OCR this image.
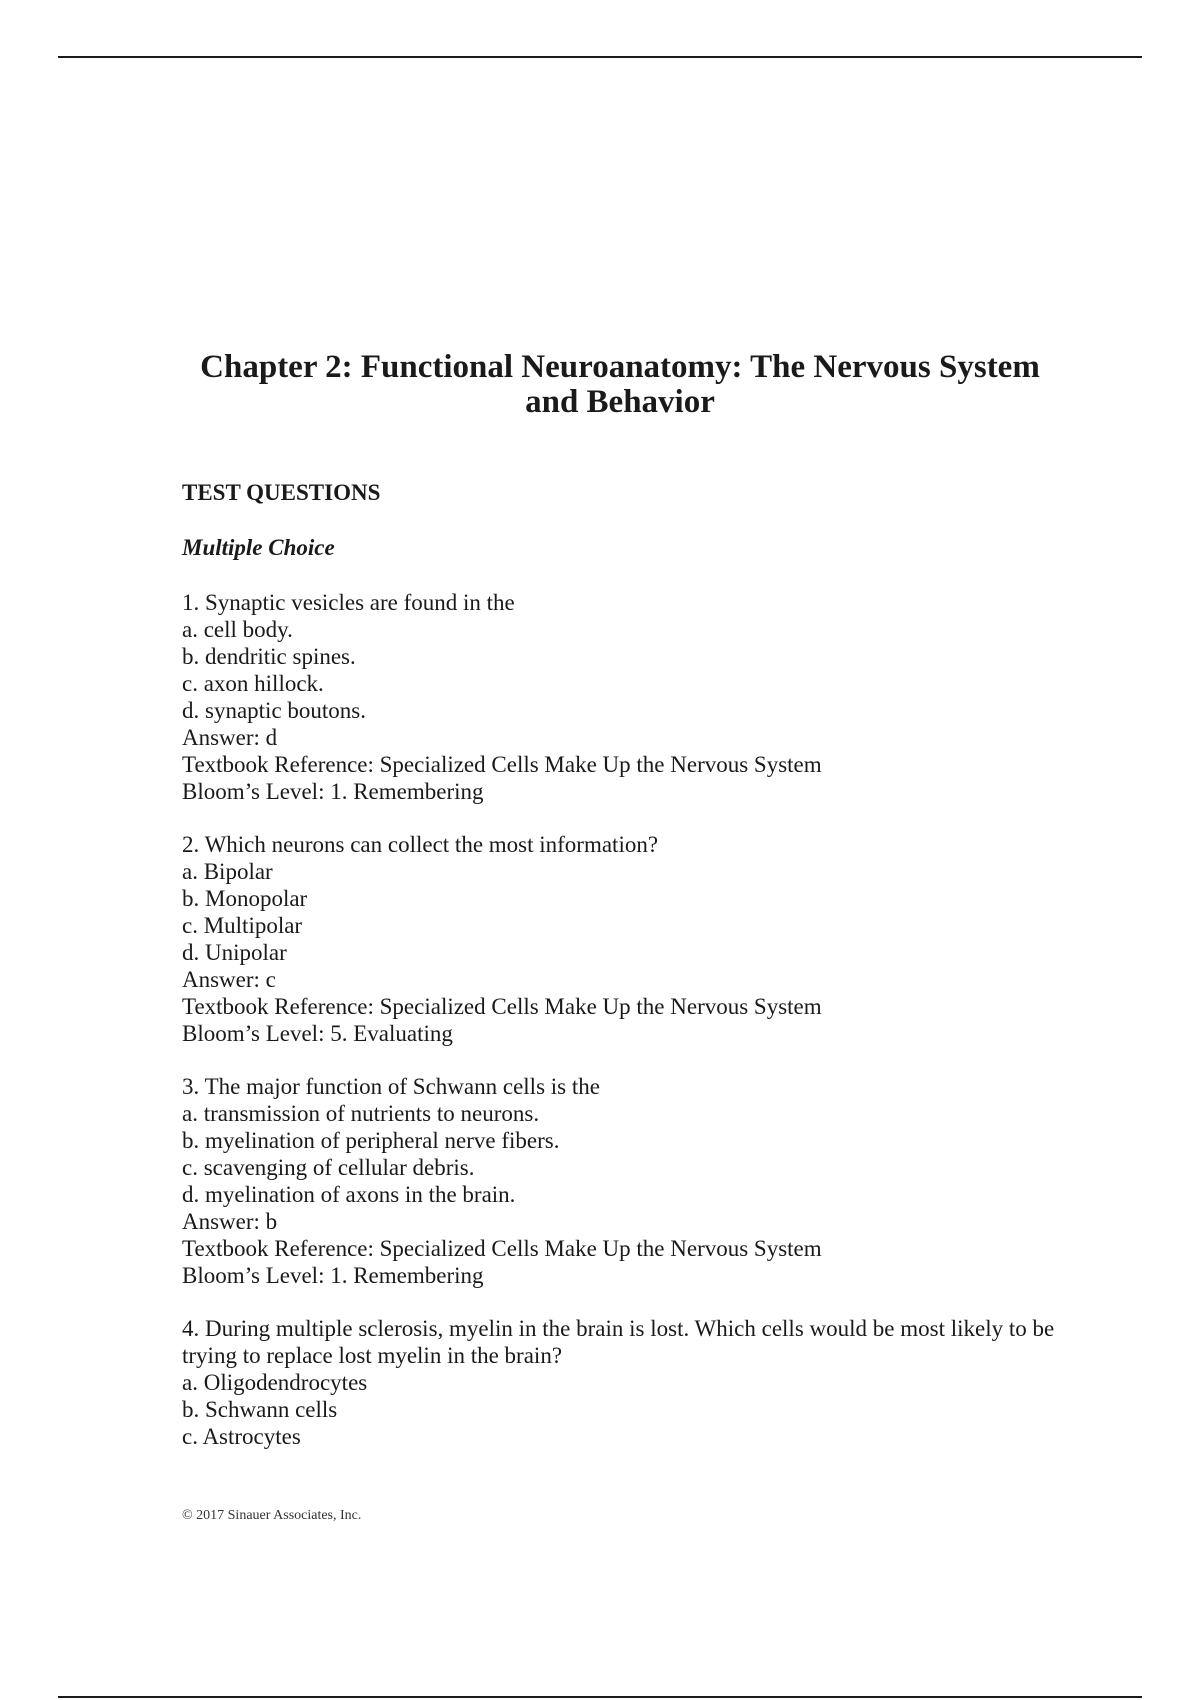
Chapter 2: Functional Neuroanatomy: The Nervous System and Behavior
TEST QUESTIONS
Multiple Choice
1. Synaptic vesicles are found in the
a. cell body.
b. dendritic spines.
c. axon hillock.
d. synaptic boutons.
Answer: d
Textbook Reference: Specialized Cells Make Up the Nervous System
Bloom’s Level: 1. Remembering
2. Which neurons can collect the most information?
a. Bipolar
b. Monopolar
c. Multipolar
d. Unipolar
Answer: c
Textbook Reference: Specialized Cells Make Up the Nervous System
Bloom’s Level: 5. Evaluating
3. The major function of Schwann cells is the
a. transmission of nutrients to neurons.
b. myelination of peripheral nerve fibers.
c. scavenging of cellular debris.
d. myelination of axons in the brain.
Answer: b
Textbook Reference: Specialized Cells Make Up the Nervous System
Bloom’s Level: 1. Remembering
4. During multiple sclerosis, myelin in the brain is lost. Which cells would be most likely to be trying to replace lost myelin in the brain?
a. Oligodendrocytes
b. Schwann cells
c. Astrocytes
© 2017 Sinauer Associates, Inc.
